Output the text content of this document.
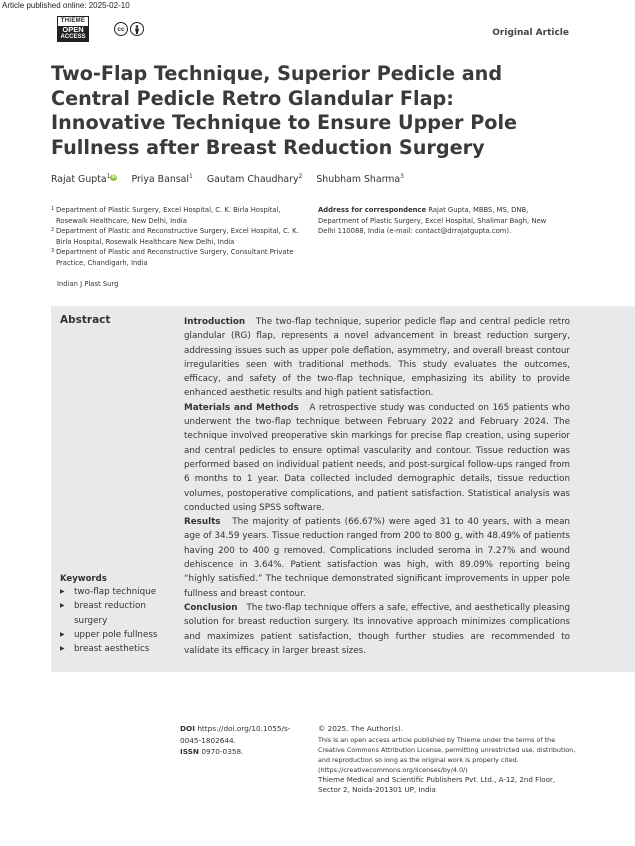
Article published online: 2025-02-10
THIEME
OPEN
ACCESS
cc	Original Article
Two-Flap Technique, Superior Pedicle and Central Pedicle Retro Glandular Flap: Innovative Technique to Ensure Upper Pole Fullness after Breast Reduction Surgery
Rajat Gupta$^1$iD Priya Bansal$^1$ Gautam Chaudhary$^2$ Shubham Sharma$^3$
1 Department of Plastic Surgery, Excel Hospital, C. K. Birla Hospital, Rosewalk Healthcare, New Delhi, India
2 Department of Plastic and Reconstructive Surgery, Excel Hospital, C. K. Birla Hospital, Rosewalk Healthcare New Delhi, India
3 Department of Plastic and Reconstructive Surgery, Consultant Private Practice, Chandigarh, India
Address for correspondence Rajat Gupta, MBBS, MS, DNB, Department of Plastic Surgery, Excel Hospital, Shalimar Bagh, New Delhi 110088, India (e-mail: contact@drrajatgupta.com).
Indian J Plast Surg
Abstract	Introduction The two-flap technique, superior pedicle flap and central pedicle retro glandular (RG) flap, represents a novel advancement in breast reduction surgery, addressing issues such as upper pole deflation, asymmetry, and overall breast contour irregularities seen with traditional methods. This study evaluates the outcomes, efficacy, and safety of the two-flap technique, emphasizing its ability to provide enhanced aesthetic results and high patient satisfaction.

Materials and Methods A retrospective study was conducted on 165 patients who underwent the two-flap technique between February 2022 and February 2024. The technique involved preoperative skin markings for precise flap creation, using superior and central pedicles to ensure optimal vascularity and contour. Tissue reduction was performed based on individual patient needs, and post-surgical follow-ups ranged from 6 months to 1 year. Data collected included demographic details, tissue reduction volumes, postoperative complications, and patient satisfaction. Statistical analysis was conducted using SPSS software.

Results The majority of patients (66.67%) were aged 31 to 40 years, with a mean age of 34.59 years. Tissue reduction ranged from 200 to 800 g, with 48.49% of patients having 200 to 400 g removed. Complications included seroma in 7.27% and wound dehiscence in 3.64%. Patient satisfaction was high, with 89.09% reporting being “highly satisfied.” The technique demonstrated significant improvements in upper pole fullness and breast contour.

Conclusion The two-flap technique offers a safe, effective, and aesthetically pleasing solution for breast reduction surgery. Its innovative approach minimizes complications and maximizes patient satisfaction, though further studies are recommended to validate its efficacy in larger breast sizes.

Keywords
▶	two-flap technique
▶	breast reduction surgery
▶	upper pole fullness
▶	breast aesthetics
DOI https://doi.org/10.1055/s-0045-1802644.
ISSN 0970-0358.
© 2025. The Author(s).
This is an open access article published by Thieme under the terms of the Creative Commons Attribution License, permitting unrestricted use, distribution, and reproduction so long as the original work is properly cited. (https://creativecommons.org/licenses/by/4.0/)
Thieme Medical and Scientific Publishers Pvt. Ltd., A-12, 2nd Floor, Sector 2, Noida-201301 UP, India
